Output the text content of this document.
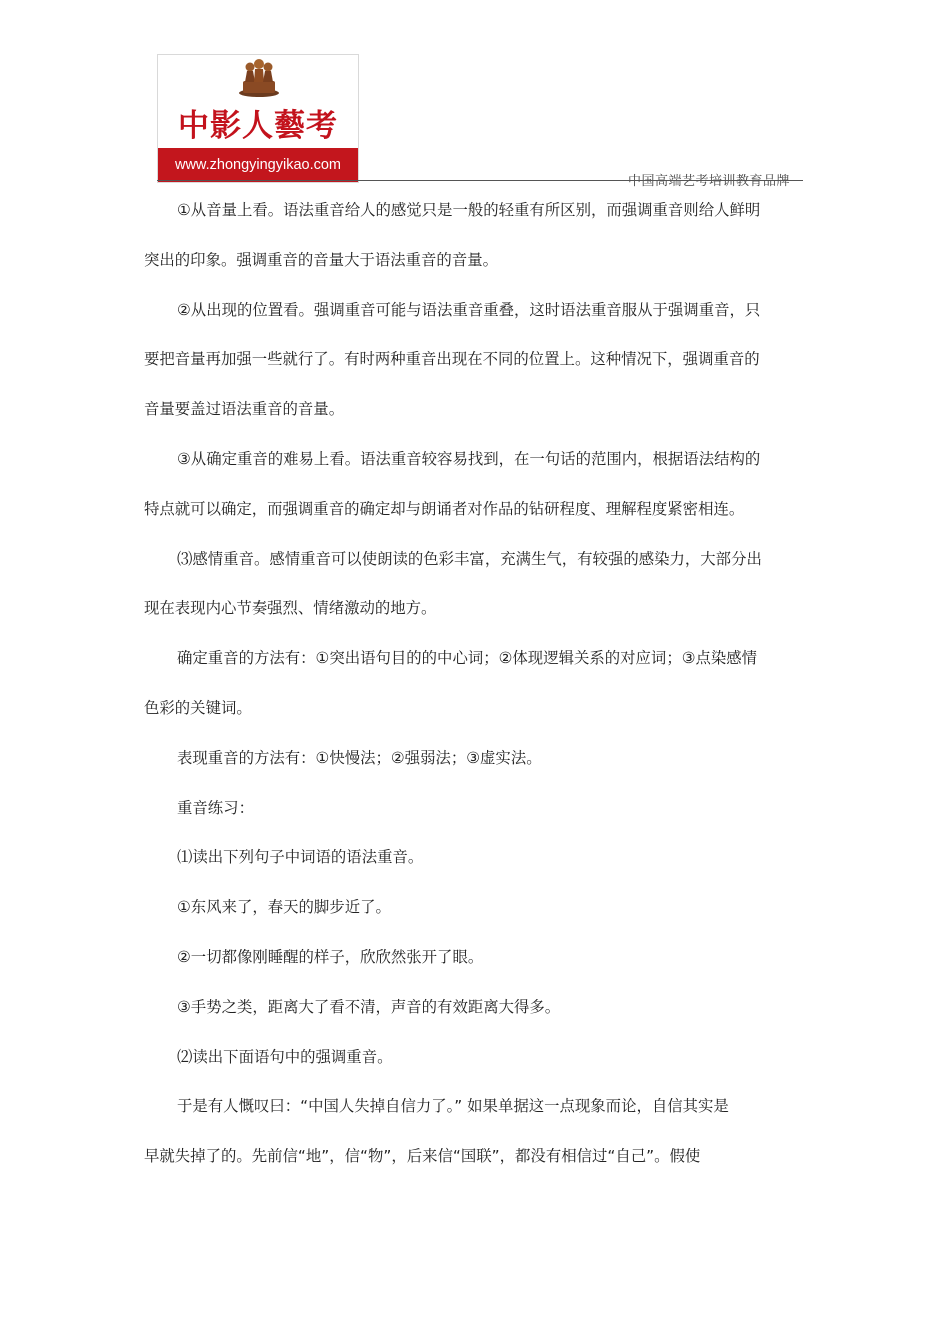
中影人藝考
www.zhongyingyikao.com
中国高端艺考培训教育品牌
①从音量上看。语法重音给人的感觉只是一般的轻重有所区别，而强调重音则给人鲜明
突出的印象。强调重音的音量大于语法重音的音量。
②从出现的位置看。强调重音可能与语法重音重叠，这时语法重音服从于强调重音，只
要把音量再加强一些就行了。有时两种重音出现在不同的位置上。这种情况下，强调重音的
音量要盖过语法重音的音量。
③从确定重音的难易上看。语法重音较容易找到，在一句话的范围内，根据语法结构的
特点就可以确定，而强调重音的确定却与朗诵者对作品的钻研程度、理解程度紧密相连。
⑶感情重音。感情重音可以使朗读的色彩丰富，充满生气，有较强的感染力，大部分出
现在表现内心节奏强烈、情绪激动的地方。
确定重音的方法有：①突出语句目的的中心词；②体现逻辑关系的对应词；③点染感情
色彩的关键词。
表现重音的方法有：①快慢法；②强弱法；③虚实法。
重音练习：
⑴读出下列句子中词语的语法重音。
①东风来了，春天的脚步近了。
②一切都像刚睡醒的样子，欣欣然张开了眼。
③手势之类，距离大了看不清，声音的有效距离大得多。
⑵读出下面语句中的强调重音。
于是有人慨叹曰：“中国人失掉自信力了。” 如果单据这一点现象而论，自信其实是
早就失掉了的。先前信“地”，信“物”，后来信“国联”，都没有相信过“自己”。假使
